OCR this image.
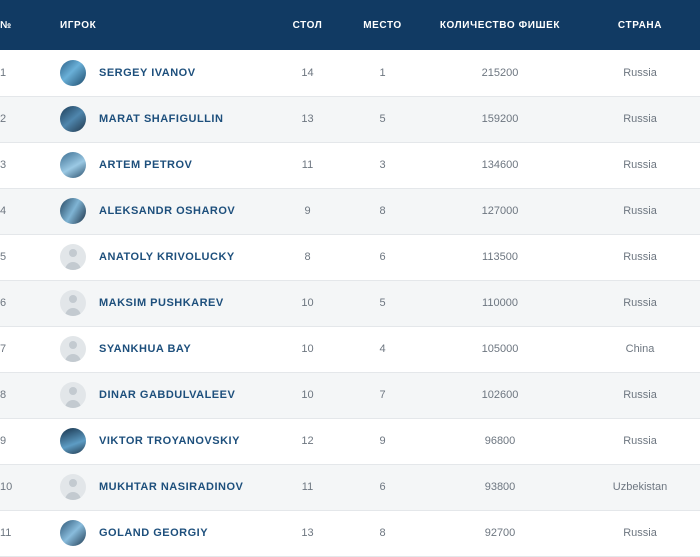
№	ИГРОК	СТОЛ	МЕСТО	КОЛИЧЕСТВО ФИШЕК	СТРАНА
1	SERGEY IVANOV	14	1	215200	Russia
2	MARAT SHAFIGULLIN	13	5	159200	Russia
3	ARTEM PETROV	11	3	134600	Russia
4	ALEKSANDR OSHAROV	9	8	127000	Russia
5	ANATOLY KRIVOLUCKY	8	6	113500	Russia
6	MAKSIM PUSHKAREV	10	5	110000	Russia
7	SYANKHUA BAY	10	4	105000	China
8	DINAR GABDULVALEEV	10	7	102600	Russia
9	VIKTOR TROYANOVSKIY	12	9	96800	Russia
10	MUKHTAR NASIRADINOV	11	6	93800	Uzbekistan
11	GOLAND GEORGIY	13	8	92700	Russia
